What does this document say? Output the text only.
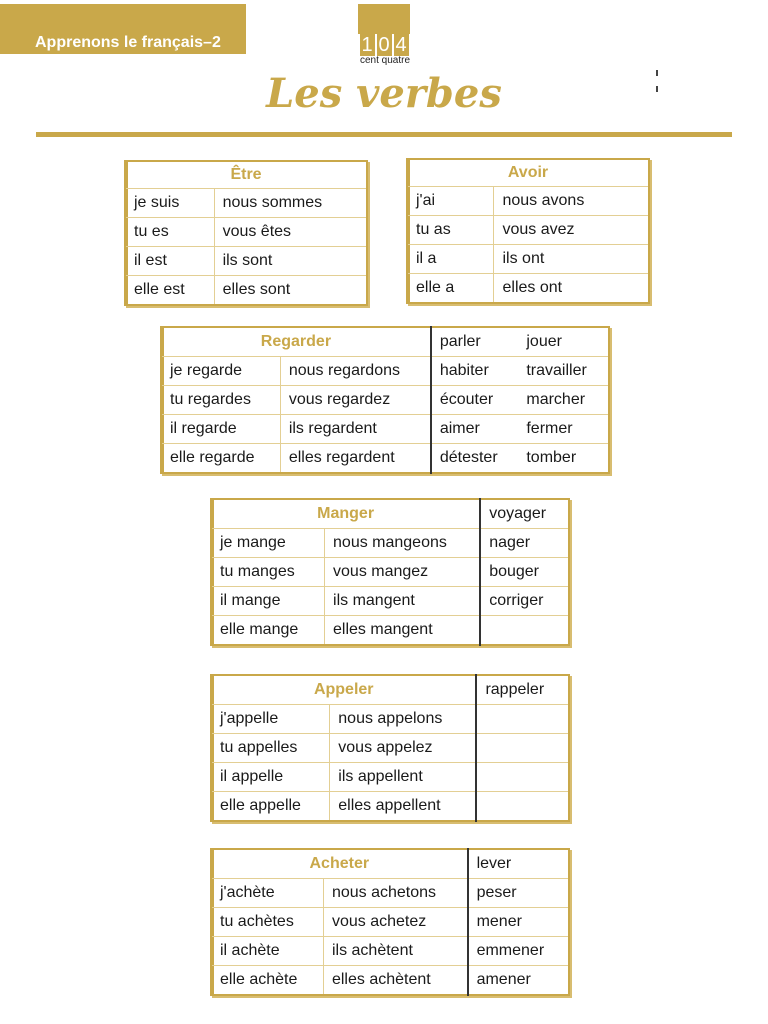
Apprenons le français–2	1 0 4
cent quatre
Les verbes
Être	
je suis	nous sommes
tu es	vous êtes
il est	ils sont
elle est	elles sont
Avoir	
j'ai	nous avons
tu as	vous avez
il a	ils ont
elle a	elles ont
Regarder		parler	jouer
je regarde	nous regardons	habiter	travailler
tu regardes	vous regardez	écouter	marcher
il regarde	ils regardent	aimer	fermer
elle regarde	elles regardent	détester	tomber
Manger		voyager
je mange	nous mangeons	nager
tu manges	vous mangez	bouger
il mange	ils mangent	corriger
elle mange	elles mangent	
Appeler		rappeler
j'appelle	nous appelons	
tu appelles	vous appelez	
il appelle	ils appellent	
elle appelle	elles appellent	
Acheter		lever
j'achète	nous achetons	peser
tu achètes	vous achetez	mener
il achète	ils achètent	emmener
elle achète	elles achètent	amener
